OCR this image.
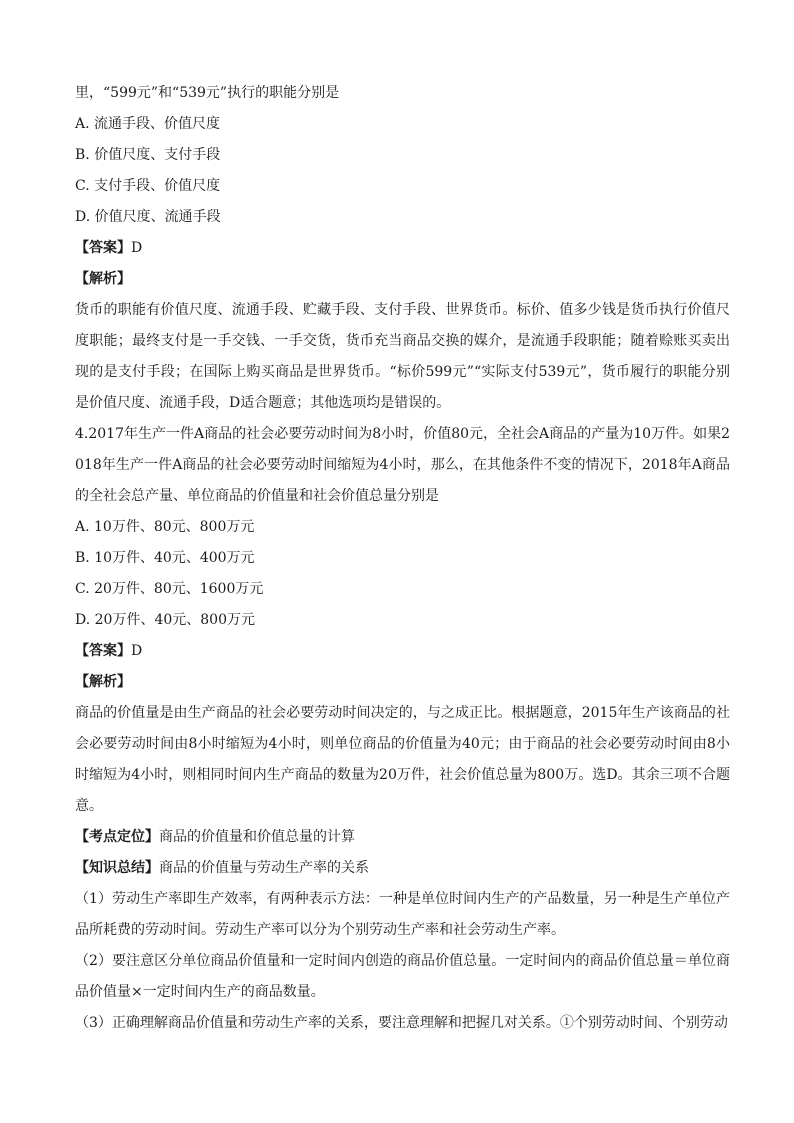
里，“599元”和“539元”执行的职能分别是
A. 流通手段、价值尺度
B. 价值尺度、支付手段
C. 支付手段、价值尺度
D. 价值尺度、流通手段
【答案】D
【解析】

货币的职能有价值尺度、流通手段、贮藏手段、支付手段、世界货币。标价、值多少钱是货币执行价值尺度职能；最终支付是一手交钱、一手交货，货币充当商品交换的媒介，是流通手段职能；随着赊账买卖出现的是支付手段；在国际上购买商品是世界货币。“标价599元”“实际支付539元”，货币履行的职能分别是价值尺度、流通手段，D适合题意；其他选项均是错误的。

4.2017年生产一件A商品的社会必要劳动时间为8小时，价值80元，全社会A商品的产量为10万件。如果2018年生产一件A商品的社会必要劳动时间缩短为4小时，那么，在其他条件不变的情况下，2018年A商品的全社会总产量、单位商品的价值量和社会价值总量分别是

A. 10万件、80元、800万元
B. 10万件、40元、400万元
C. 20万件、80元、1600万元
D. 20万件、40元、800万元
【答案】D
【解析】

商品的价值量是由生产商品的社会必要劳动时间决定的，与之成正比。根据题意，2015年生产该商品的社会必要劳动时间由8小时缩短为4小时，则单位商品的价值量为40元；由于商品的社会必要劳动时间由8小时缩短为4小时，则相同时间内生产商品的数量为20万件，社会价值总量为800万。选D。其余三项不合题意。

【考点定位】商品的价值量和价值总量的计算
【知识总结】商品的价值量与劳动生产率的关系

（1）劳动生产率即生产效率，有两种表示方法：一种是单位时间内生产的产品数量，另一种是生产单位产品所耗费的劳动时间。劳动生产率可以分为个别劳动生产率和社会劳动生产率。

（2）要注意区分单位商品价值量和一定时间内创造的商品价值总量。一定时间内的商品价值总量＝单位商品价值量×一定时间内生产的商品数量。

（3）正确理解商品价值量和劳动生产率的关系，要注意理解和把握几对关系。①个别劳动时间、个别劳动
